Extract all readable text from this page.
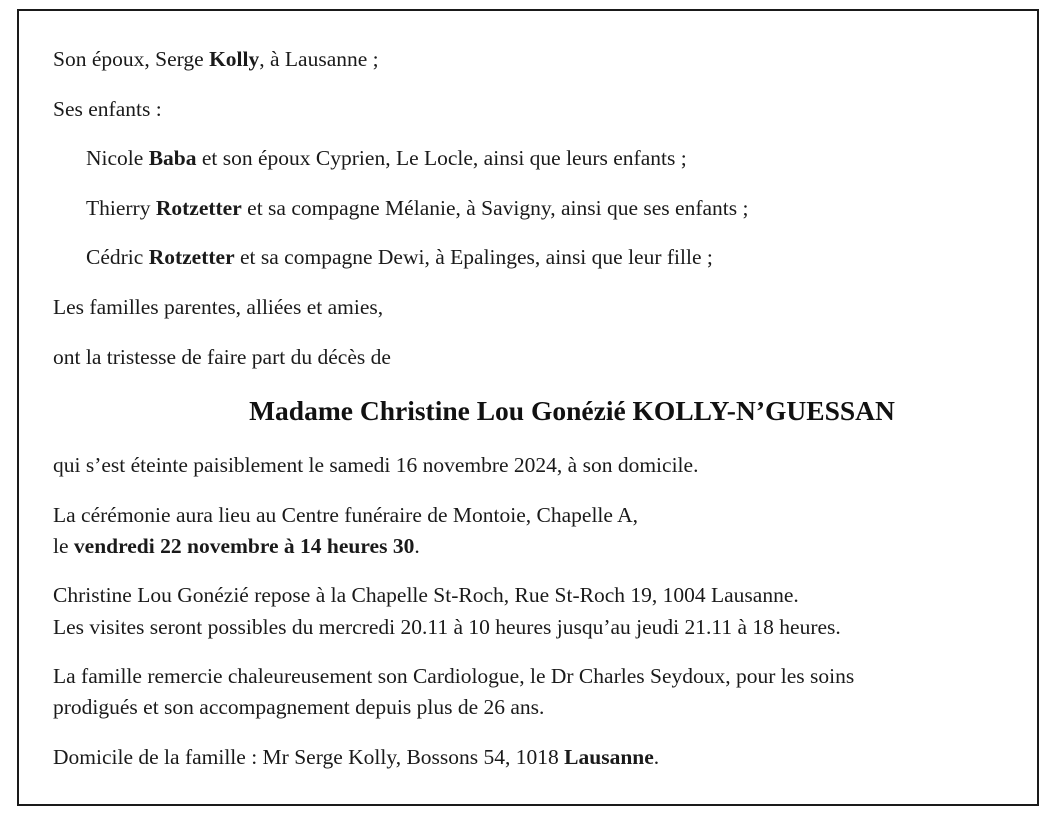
Son époux, Serge Kolly, à Lausanne ;
Ses enfants :
Nicole Baba et son époux Cyprien, Le Locle, ainsi que leurs enfants ;
Thierry Rotzetter et sa compagne Mélanie, à Savigny, ainsi que ses enfants ;
Cédric Rotzetter et sa compagne Dewi, à Epalinges, ainsi que leur fille ;
Les familles parentes, alliées et amies,
ont la tristesse de faire part du décès de
Madame Christine Lou Gonézié KOLLY-N’GUESSAN
qui s’est éteinte paisiblement le samedi 16 novembre 2024, à son domicile.
La cérémonie aura lieu au Centre funéraire de Montoie, Chapelle A,
le vendredi 22 novembre à 14 heures 30.
Christine Lou Gonézié repose à la Chapelle St-Roch, Rue St-Roch 19, 1004 Lausanne.
Les visites seront possibles du mercredi 20.11 à 10 heures jusqu’au jeudi 21.11 à 18 heures.
La famille remercie chaleureusement son Cardiologue, le Dr Charles Seydoux, pour les soins
prodigués et son accompagnement depuis plus de 26 ans.
Domicile de la famille : Mr Serge Kolly, Bossons 54, 1018 Lausanne.
